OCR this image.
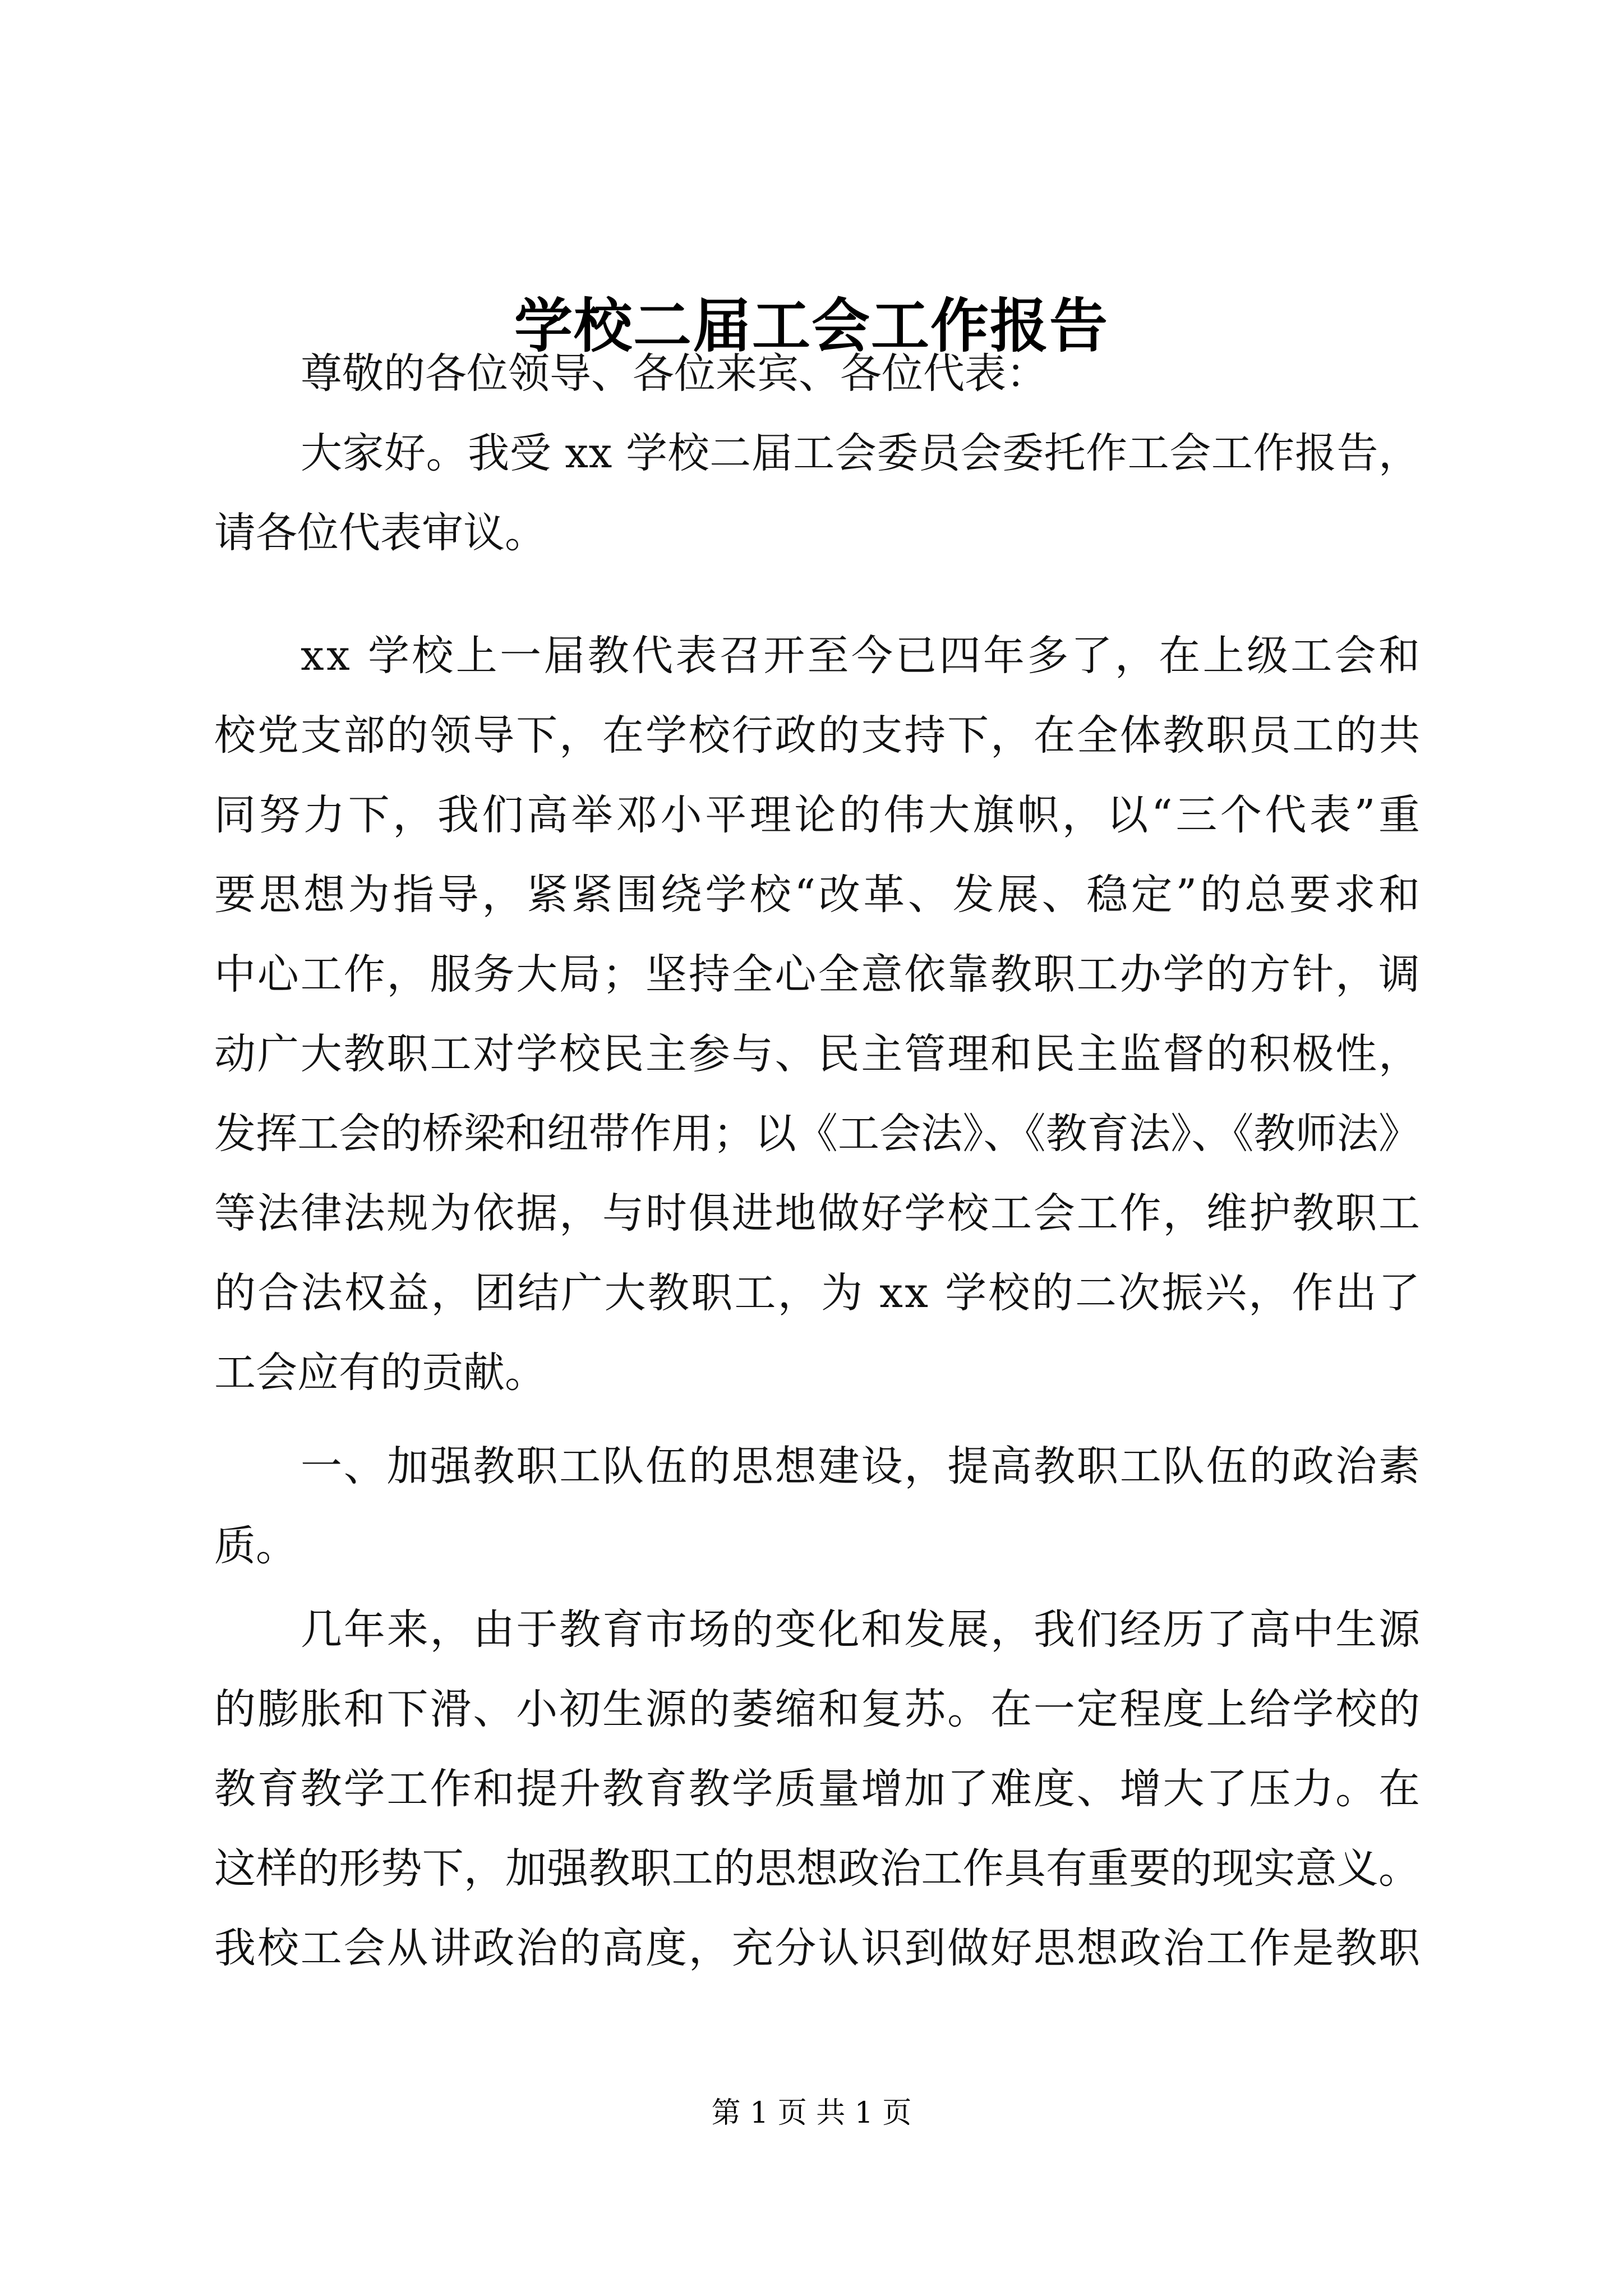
学校二届工会工作报告

尊敬的各位领导、各位来宾、各位代表：

大家好。我受 xx 学校二届工会委员会委托作工会工作报告，
请各位代表审议。

xx 学校上一届教代表召开至今已四年多了，在上级工会和
校党支部的领导下，在学校行政的支持下，在全体教职员工的共
同努力下，我们高举邓小平理论的伟大旗帜，以“三个代表”重
要思想为指导，紧紧围绕学校“改革、发展、稳定”的总要求和
中心工作，服务大局；坚持全心全意依靠教职工办学的方针，调
动广大教职工对学校民主参与、民主管理和民主监督的积极性，
发挥工会的桥梁和纽带作用；以《工会法》、《教育法》、《教师法》
等法律法规为依据，与时俱进地做好学校工会工作，维护教职工
的合法权益，团结广大教职工，为 xx 学校的二次振兴，作出了
工会应有的贡献。

一、加强教职工队伍的思想建设，提高教职工队伍的政治素
质。

几年来，由于教育市场的变化和发展，我们经历了高中生源
的膨胀和下滑、小初生源的萎缩和复苏。在一定程度上给学校的
教育教学工作和提升教育教学质量增加了难度、增大了压力。在
这样的形势下，加强教职工的思想政治工作具有重要的现实意义。
我校工会从讲政治的高度，充分认识到做好思想政治工作是教职

第 1 页 共 1 页
